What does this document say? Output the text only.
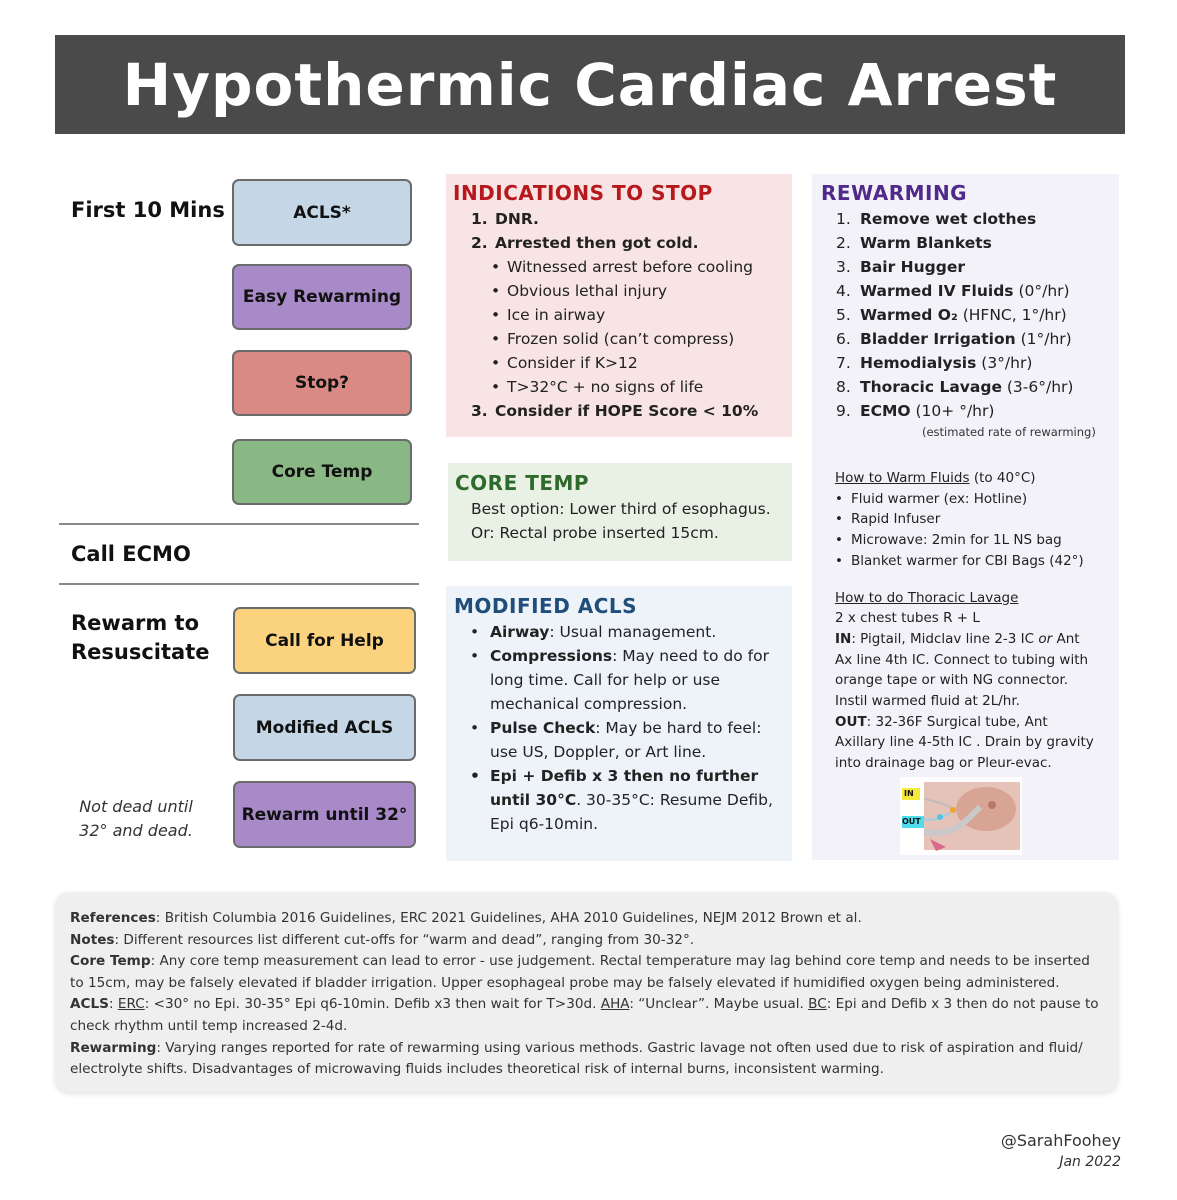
Hypothermic Cardiac Arrest
First 10 Mins	ACLS*
Easy Rewarming
Stop?
Core Temp
Call ECMO
Rewarm to
Resuscitate	Call for Help
Modified ACLS
Rewarm until 32°
Not dead until
32° and dead.
INDICATIONS TO STOP
1. DNR.
2. Arrested then got cold.
• Witnessed arrest before cooling
• Obvious lethal injury
• Ice in airway
• Frozen solid (can’t compress)
• Consider if K>12
• T>32°C + no signs of life
3. Consider if HOPE Score < 10%
CORE TEMP
Best option: Lower third of esophagus.
Or: Rectal probe inserted 15cm.
MODIFIED ACLS
• Airway: Usual management.
• Compressions: May need to do for
long time. Call for help or use
mechanical compression.
• Pulse Check: May be hard to feel:
use US, Doppler, or Art line.
• Epi + Defib x 3 then no further
until 30°C. 30-35°C: Resume Defib,
Epi q6-10min.
REWARMING
1. Remove wet clothes
2. Warm Blankets
3. Bair Hugger
4. Warmed IV Fluids (0°/hr)
5. Warmed O₂ (HFNC, 1°/hr)
6. Bladder Irrigation (1°/hr)
7. Hemodialysis (3°/hr)
8. Thoracic Lavage (3-6°/hr)
9. ECMO (10+ °/hr)
(estimated rate of rewarming)
How to Warm Fluids (to 40°C)
• Fluid warmer (ex: Hotline)
• Rapid Infuser
• Microwave: 2min for 1L NS bag
• Blanket warmer for CBI Bags (42°)
How to do Thoracic Lavage
2 x chest tubes R + L
IN: Pigtail, Midclav line 2-3 IC or Ant
Ax line 4th IC. Connect to tubing with
orange tape or with NG connector.
Instil warmed fluid at 2L/hr.
OUT: 32-36F Surgical tube, Ant
Axillary line 4-5th IC . Drain by gravity
into drainage bag or Pleur-evac.
IN
OUT

References: British Columbia 2016 Guidelines, ERC 2021 Guidelines, AHA 2010 Guidelines, NEJM 2012 Brown et al.

Notes: Different resources list different cut-offs for “warm and dead”, ranging from 30-32°.

Core Temp: Any core temp measurement can lead to error - use judgement. Rectal temperature may lag behind core temp and needs to be inserted to 15cm, may be falsely elevated if bladder irrigation. Upper esophageal probe may be falsely elevated if humidified oxygen being administered.

ACLS: ERC: <30° no Epi. 30-35° Epi q6-10min. Defib x3 then wait for T>30d. AHA: “Unclear”. Maybe usual. BC: Epi and Defib x 3 then do not pause to check rhythm until temp increased 2-4d.

Rewarming: Varying ranges reported for rate of rewarming using various methods. Gastric lavage not often used due to risk of aspiration and fluid/ electrolyte shifts. Disadvantages of microwaving fluids includes theoretical risk of internal burns, inconsistent warming.

@SarahFoohey
Jan 2022
